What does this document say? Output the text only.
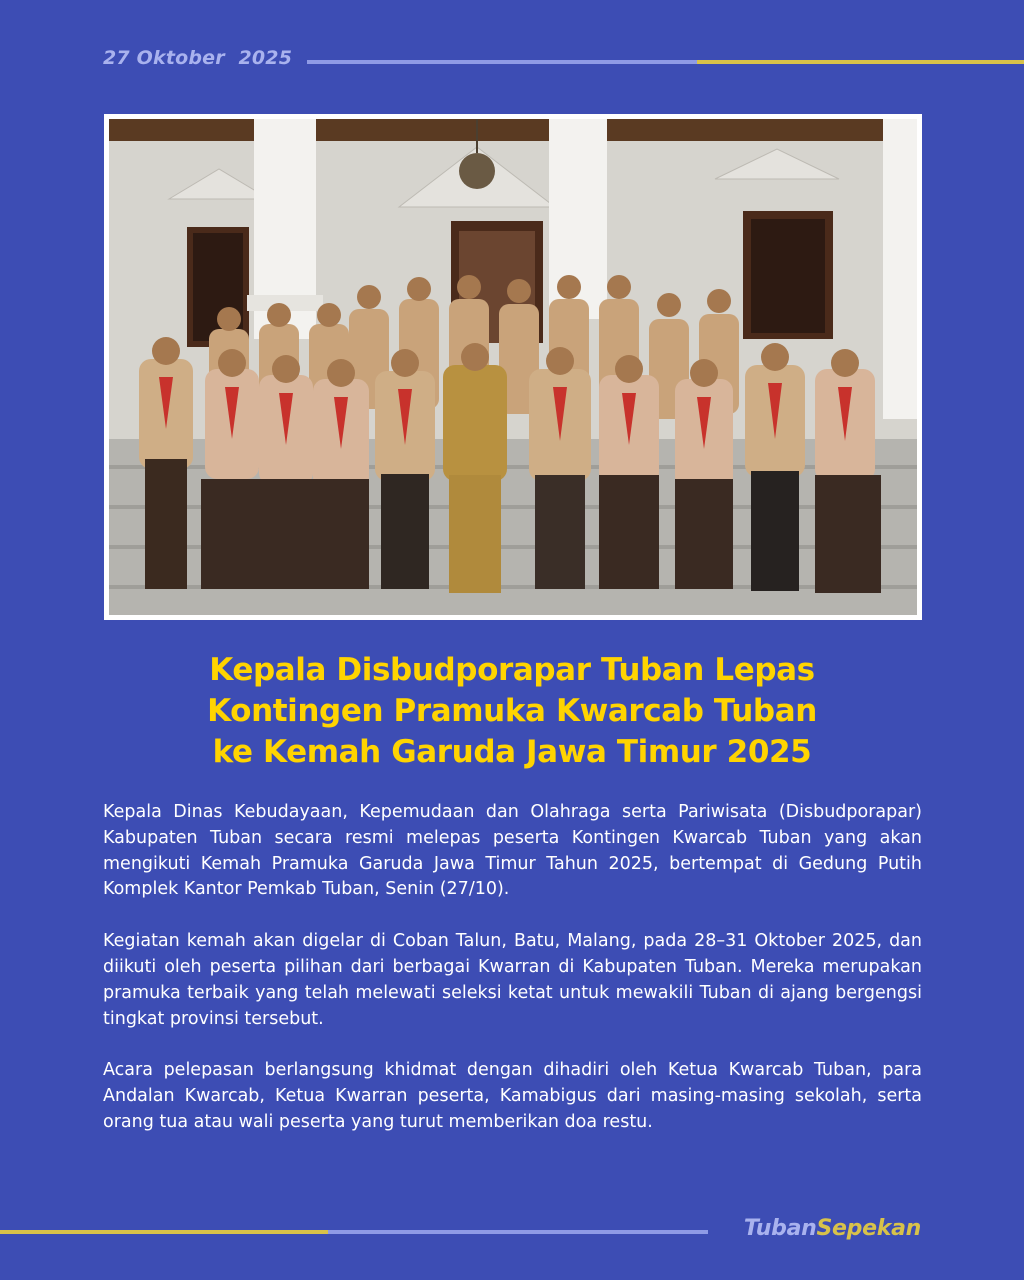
27 Oktober  2025
Kepala Disbudporapar Tuban Lepas
Kontingen Pramuka Kwarcab Tuban
ke Kemah Garuda Jawa Timur 2025

Kepala Dinas Kebudayaan, Kepemudaan dan Olahraga serta Pariwisata (Disbudporapar) Kabupaten Tuban secara resmi melepas peserta Kontingen Kwarcab Tuban yang akan mengikuti Kemah Pramuka Garuda Jawa Timur Tahun 2025, bertempat di Gedung Putih Komplek Kantor Pemkab Tuban, Senin (27/10).

Kegiatan kemah akan digelar di Coban Talun, Batu, Malang, pada 28–31 Oktober 2025, dan diikuti oleh peserta pilihan dari berbagai Kwarran di Kabupaten Tuban. Mereka merupakan pramuka terbaik yang telah melewati seleksi ketat untuk mewakili Tuban di ajang bergengsi tingkat provinsi tersebut.

Acara pelepasan berlangsung khidmat dengan dihadiri oleh Ketua Kwarcab Tuban, para Andalan Kwarcab, Ketua Kwarran peserta, Kamabigus dari masing-masing sekolah, serta orang tua atau wali peserta yang turut memberikan doa restu.

TubanSepekan
